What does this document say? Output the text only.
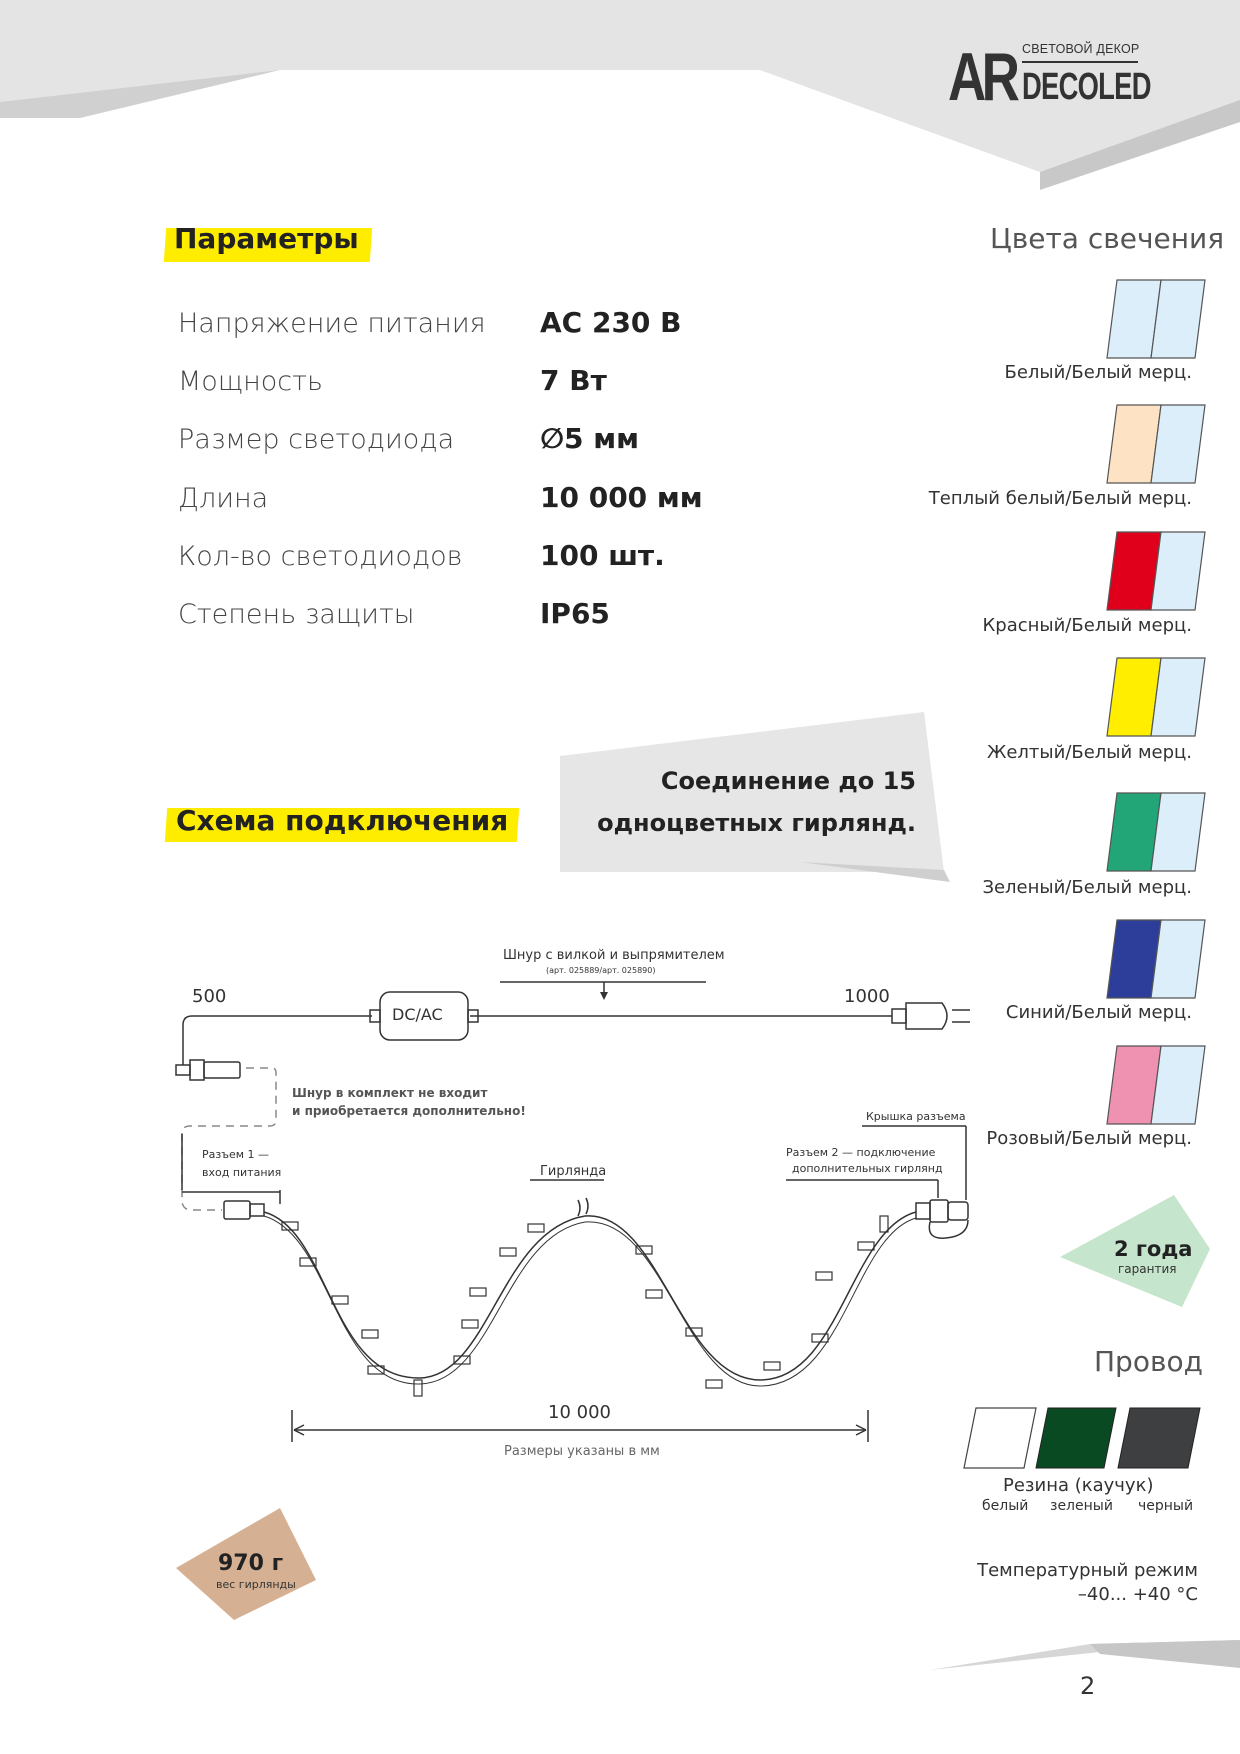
СВЕТОВОЙ ДЕКОР
AR DECOLED
Параметры
Напряжение питания AC 230 В
Мощность	7 Вт
Размер светодиода	∅5 мм
Длина	10 000 мм
Кол-во светодиодов	100 шт.
Степень защиты	IP65
Цвета свечения
Белый/Белый мерц.
Теплый белый/Белый мерц.
Красный/Белый мерц.
Желтый/Белый мерц.
Зеленый/Белый мерц.
Синий/Белый мерц.
Розовый/Белый мерц.
Соединение до 15
одноцветных гирлянд.
Схема подключения
Шнур с вилкой и выпрямителем
(арт. 025889/арт. 025890)
DC/AC
500	1000
Шнур в комплект не входит
и приобретается дополнительно!
Разъем 1 —
вход питания	Гирлянда
Крышка разъема
Разъем 2 — подключение
дополнительных гирлянд
10 000
Размеры указаны в мм
2 года
гарантия
Провод
Резина (каучук)
белый зеленый черный
Температурный режим
–40... +40 °C
970 г
вес гирлянды
2
